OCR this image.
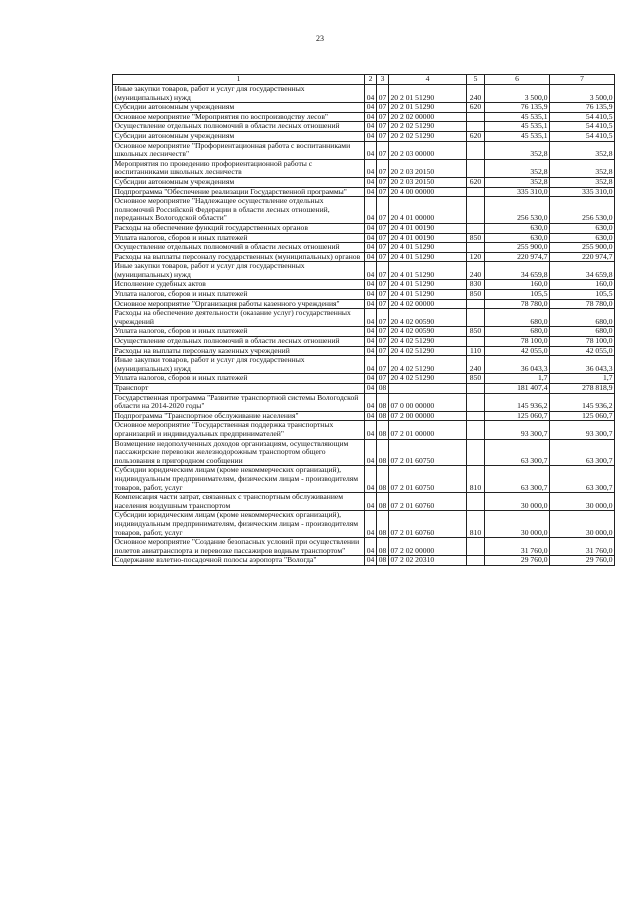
23
1	2	3	4	5	6	7
Иные закупки товаров, работ и услуг для государственных (муниципальных) нужд	04	07	20 2 01 51290	240	3 500,0	3 500,0
Субсидии автономным учреждениям	04	07	20 2 01 51290	620	76 135,9	76 135,9
Основное мероприятие "Мероприятия по воспроизводству лесов"	04	07	20 2 02 00000		45 535,1	54 410,5
Осуществление отдельных полномочий в области лесных отношений	04	07	20 2 02 51290		45 535,1	54 410,5
Субсидии автономным учреждениям	04	07	20 2 02 51290	620	45 535,1	54 410,5
Основное мероприятие "Профориентационная работа с воспитанниками школьных лесничеств"	04	07	20 2 03 00000		352,8	352,8
Мероприятия по проведению профориентационной работы с воспитанниками школьных лесничеств	04	07	20 2 03 20150		352,8	352,8
Субсидии автономным учреждениям	04	07	20 2 03 20150	620	352,8	352,8
Подпрограмма "Обеспечение реализации Государственной программы"	04	07	20 4 00 00000		335 310,0	335 310,0
Основное мероприятие "Надлежащее осуществление отдельных полномочий Российской Федерации в области лесных отношений, переданных Вологодской области"	04	07	20 4 01 00000		256 530,0	256 530,0
Расходы на обеспечение функций государственных органов	04	07	20 4 01 00190		630,0	630,0
Уплата налогов, сборов и иных платежей	04	07	20 4 01 00190	850	630,0	630,0
Осуществление отдельных полномочий в области лесных отношений	04	07	20 4 01 51290		255 900,0	255 900,0
Расходы на выплаты персоналу государственных (муниципальных) органов	04	07	20 4 01 51290	120	220 974,7	220 974,7
Иные закупки товаров, работ и услуг для государственных (муниципальных) нужд	04	07	20 4 01 51290	240	34 659,8	34 659,8
Исполнение судебных актов	04	07	20 4 01 51290	830	160,0	160,0
Уплата налогов, сборов и иных платежей	04	07	20 4 01 51290	850	105,5	105,5
Основное мероприятие "Организация работы казенного учреждения"	04	07	20 4 02 00000		78 780,0	78 780,0
Расходы на обеспечение деятельности (оказание услуг) государственных учреждений	04	07	20 4 02 00590		680,0	680,0
Уплата налогов, сборов и иных платежей	04	07	20 4 02 00590	850	680,0	680,0
Осуществление отдельных полномочий в области лесных отношений	04	07	20 4 02 51290		78 100,0	78 100,0
Расходы на выплаты персоналу казенных учреждений	04	07	20 4 02 51290	110	42 055,0	42 055,0
Иные закупки товаров, работ и услуг для государственных (муниципальных) нужд	04	07	20 4 02 51290	240	36 043,3	36 043,3
Уплата налогов, сборов и иных платежей	04	07	20 4 02 51290	850	1,7	1,7
Транспорт	04	08			181 407,4	278 818,9
Государственная программа "Развитие транспортной системы Вологодской области на 2014-2020 годы"	04	08	07 0 00 00000		145 936,2	145 936,2
Подпрограмма "Транспортное обслуживание населения"	04	08	07 2 00 00000		125 060,7	125 060,7
Основное мероприятие "Государственная поддержка транспортных организаций и индивидуальных предпринимателей"	04	08	07 2 01 00000		93 300,7	93 300,7
Возмещение недополученных доходов организациям, осуществляющим пассажирские перевозки железнодорожным транспортом общего пользования в пригородном сообщении	04	08	07 2 01 60750		63 300,7	63 300,7
Субсидии юридическим лицам (кроме некоммерческих организаций), индивидуальным предпринимателям, физическим лицам - производителям товаров, работ, услуг	04	08	07 2 01 60750	810	63 300,7	63 300,7
Компенсация части затрат, связанных с транспортным обслуживанием населения воздушным транспортом	04	08	07 2 01 60760		30 000,0	30 000,0
Субсидии юридическим лицам (кроме некоммерческих организаций), индивидуальным предпринимателям, физическим лицам - производителям товаров, работ, услуг	04	08	07 2 01 60760	810	30 000,0	30 000,0
Основное мероприятие "Создание безопасных условий при осуществлении полетов авиатранспорта и перевозке пассажиров водным транспортом"	04	08	07 2 02 00000		31 760,0	31 760,0
Содержание взлетно-посадочной полосы аэропорта "Вологда"	04	08	07 2 02 20310		29 760,0	29 760,0
